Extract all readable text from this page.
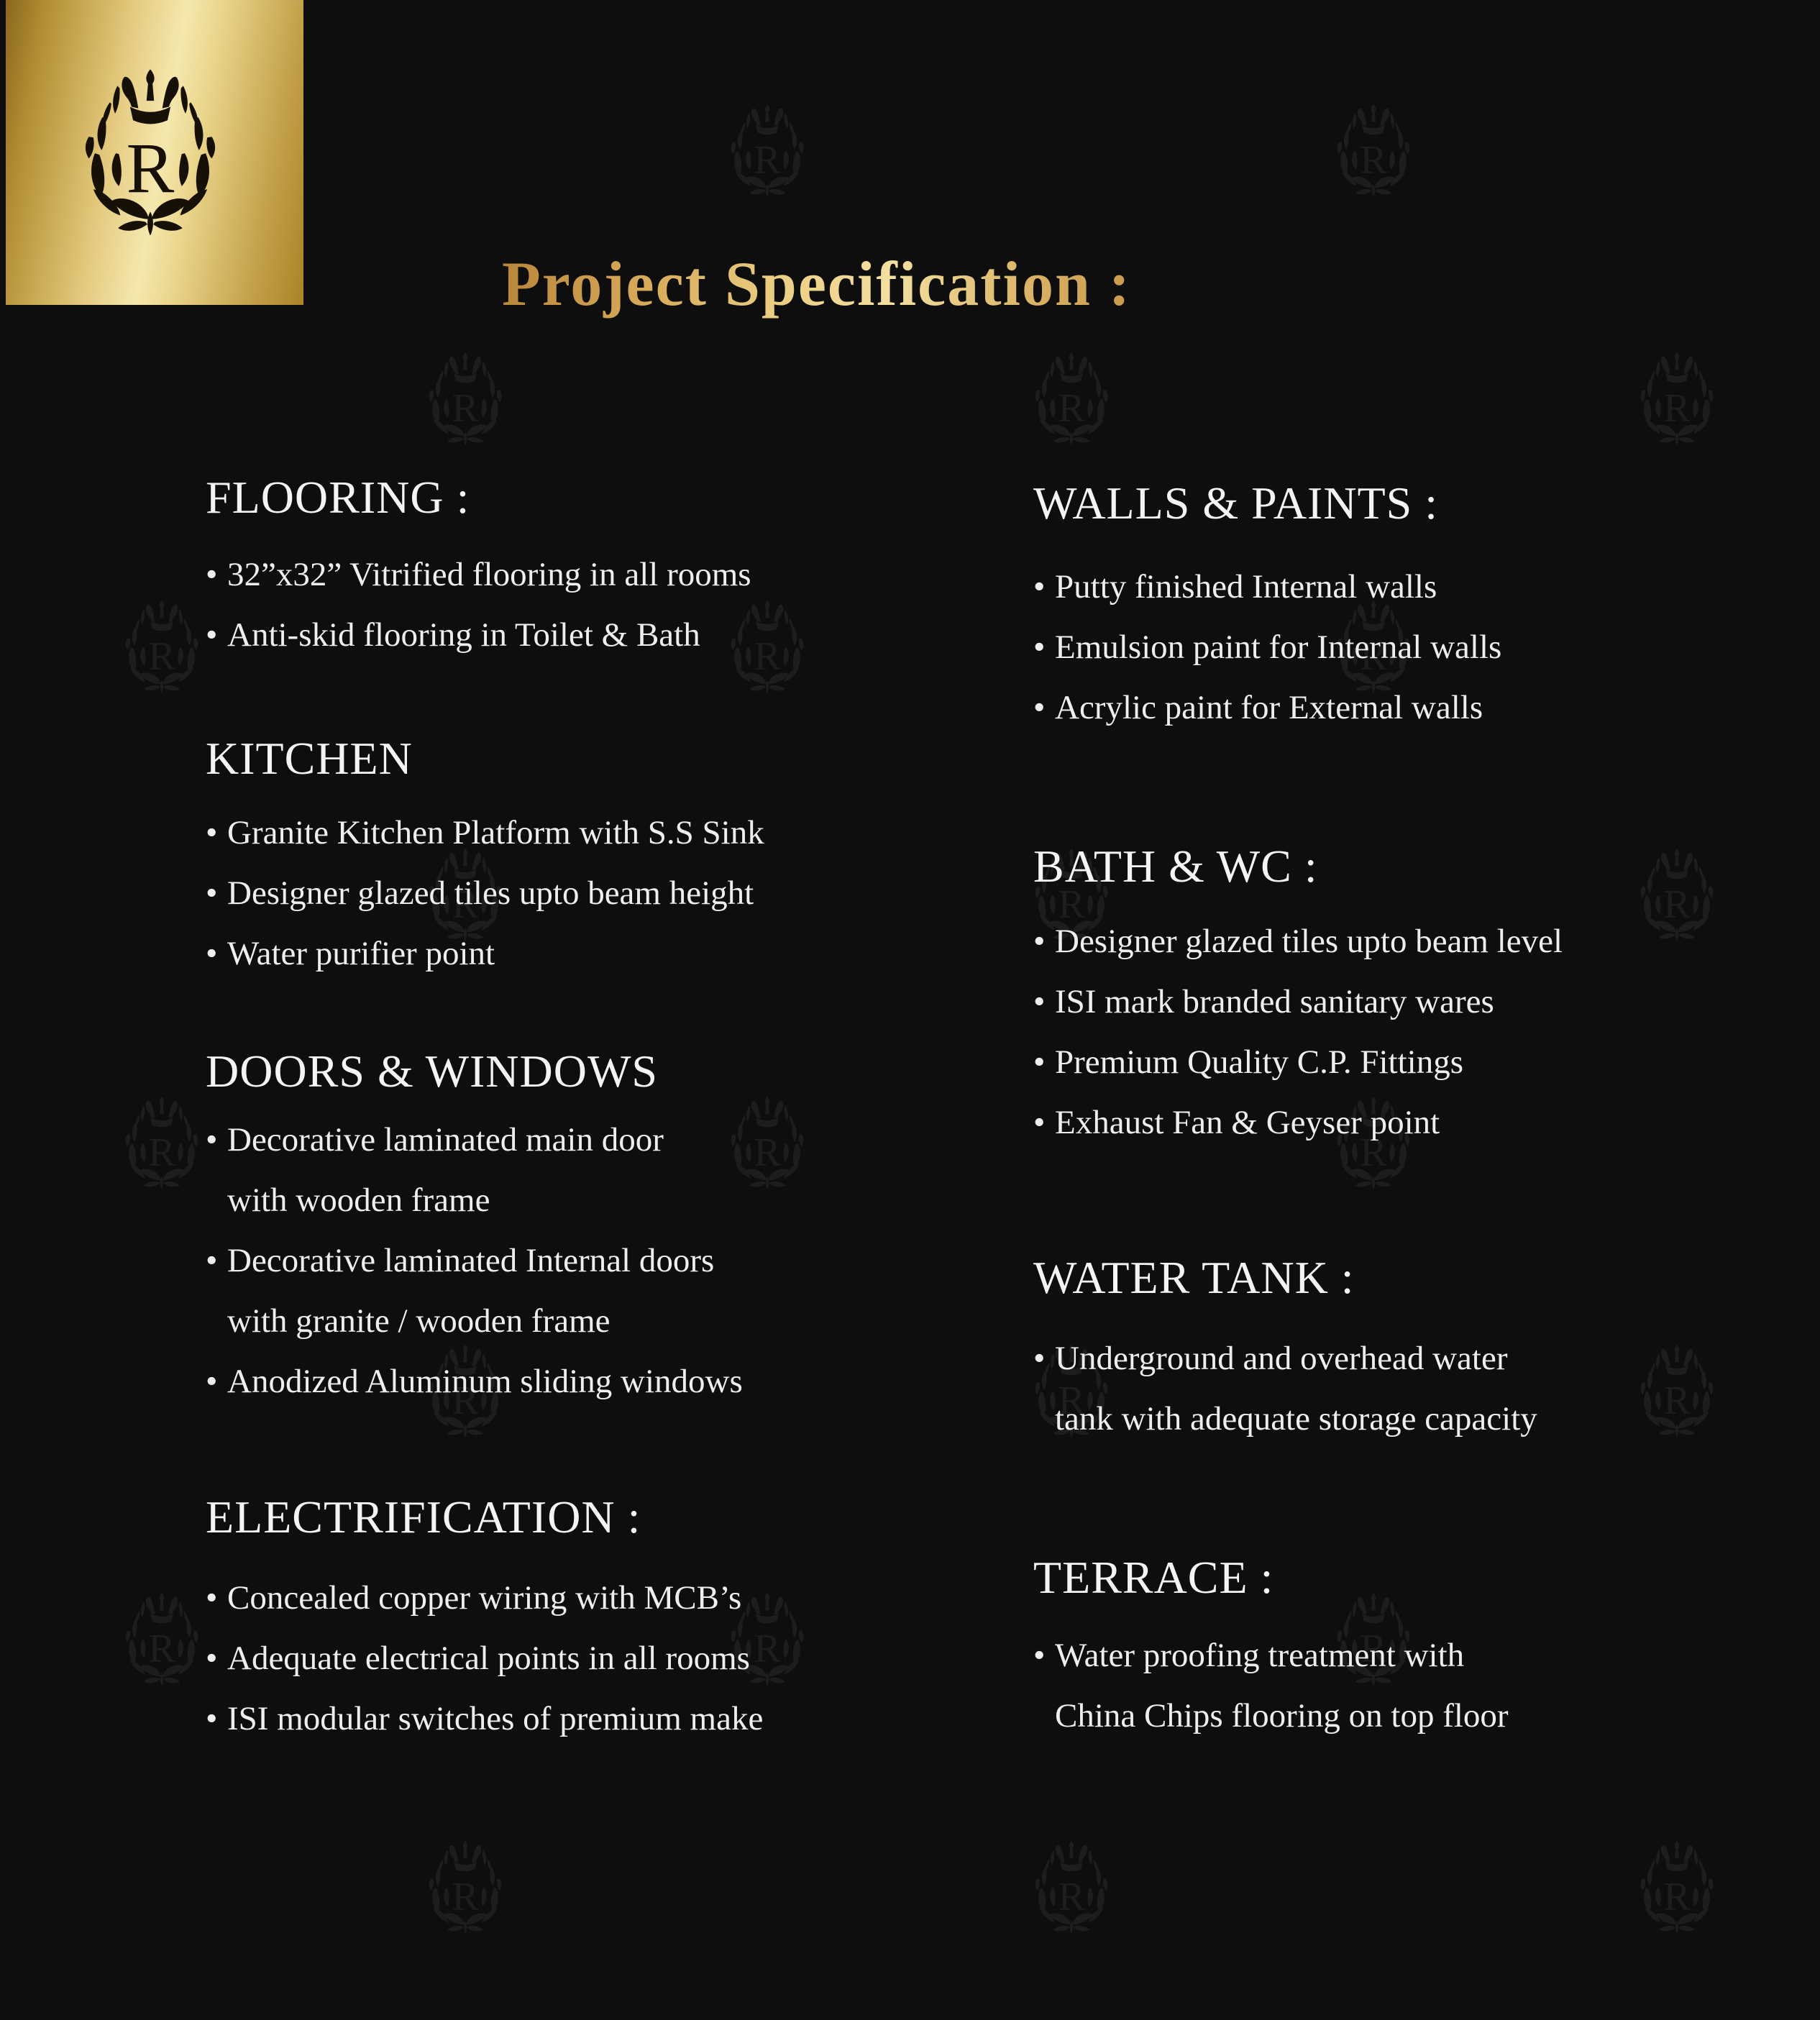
Project Specification :
FLOORING :
• 32”x32” Vitrified flooring in all rooms
• Anti-skid flooring in Toilet & Bath
KITCHEN
• Granite Kitchen Platform with S.S Sink
• Designer glazed tiles upto beam height
• Water purifier point
DOORS & WINDOWS
• Decorative laminated main door
with wooden frame
• Decorative laminated Internal doors
with granite / wooden frame
• Anodized Aluminum sliding windows
ELECTRIFICATION :
• Concealed copper wiring with MCB’s
• Adequate electrical points in all rooms
• ISI modular switches of premium make
WALLS & PAINTS :
• Putty finished Internal walls
• Emulsion paint for Internal walls
• Acrylic paint for External walls
BATH & WC :
• Designer glazed tiles upto beam level
• ISI mark branded sanitary wares
• Premium Quality C.P. Fittings
• Exhaust Fan & Geyser point
WATER TANK :
• Underground and overhead water
tank with adequate storage capacity
TERRACE :
• Water proofing treatment with
China Chips flooring on top floor
